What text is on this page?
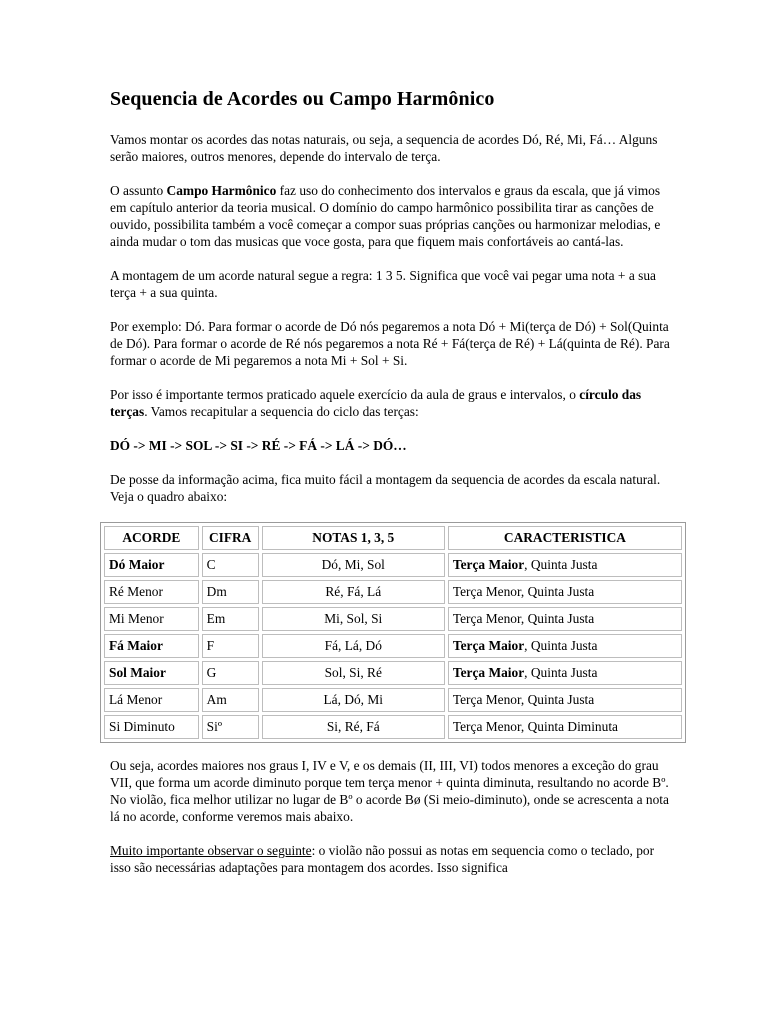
Sequencia de Acordes ou Campo Harmônico

Vamos montar os acordes das notas naturais, ou seja, a sequencia de acordes Dó, Ré, Mi, Fá… Alguns serão maiores, outros menores, depende do intervalo de terça.

O assunto Campo Harmônico faz uso do conhecimento dos intervalos e graus da escala, que já vimos em capítulo anterior da teoria musical. O domínio do campo harmônico possibilita tirar as canções de ouvido, possibilita também a você começar a compor suas próprias canções ou harmonizar melodias, e ainda mudar o tom das musicas que voce gosta, para que fiquem mais confortáveis ao cantá-las.

A montagem de um acorde natural segue a regra: 1 3 5. Significa que você vai pegar uma nota + a sua terça + a sua quinta.

Por exemplo: Dó. Para formar o acorde de Dó nós pegaremos a nota Dó + Mi(terça de Dó) + Sol(Quinta de Dó). Para formar o acorde de Ré nós pegaremos a nota Ré + Fá(terça de Ré) + Lá(quinta de Ré). Para formar o acorde de Mi pegaremos a nota Mi + Sol + Si.

Por isso é importante termos praticado aquele exercício da aula de graus e intervalos, o círculo das terças. Vamos recapitular a sequencia do ciclo das terças:

DÓ -> MI -> SOL -> SI -> RÉ -> FÁ -> LÁ -> DÓ…

De posse da informação acima, fica muito fácil a montagem da sequencia de acordes da escala natural. Veja o quadro abaixo:

ACORDE	CIFRA	NOTAS 1, 3, 5	CARACTERISTICA
Dó Maior	C	Dó, Mi, Sol	Terça Maior, Quinta Justa
Ré Menor	Dm	Ré, Fá, Lá	Terça Menor, Quinta Justa
Mi Menor	Em	Mi, Sol, Si	Terça Menor, Quinta Justa
Fá Maior	F	Fá, Lá, Dó	Terça Maior, Quinta Justa
Sol Maior	G	Sol, Si, Ré	Terça Maior, Quinta Justa
Lá Menor	Am	Lá, Dó, Mi	Terça Menor, Quinta Justa
Si Diminuto	Siº	Si, Ré, Fá	Terça Menor, Quinta Diminuta

Ou seja, acordes maiores nos graus I, IV e V, e os demais (II, III, VI) todos menores a exceção do grau VII, que forma um acorde diminuto porque tem terça menor + quinta diminuta, resultando no acorde Bº. No violão, fica melhor utilizar no lugar de Bº o acorde Bø (Si meio-diminuto), onde se acrescenta a nota lá no acorde, conforme veremos mais abaixo.

Muito importante observar o seguinte: o violão não possui as notas em sequencia como o teclado, por isso são necessárias adaptações para montagem dos acordes. Isso significa
